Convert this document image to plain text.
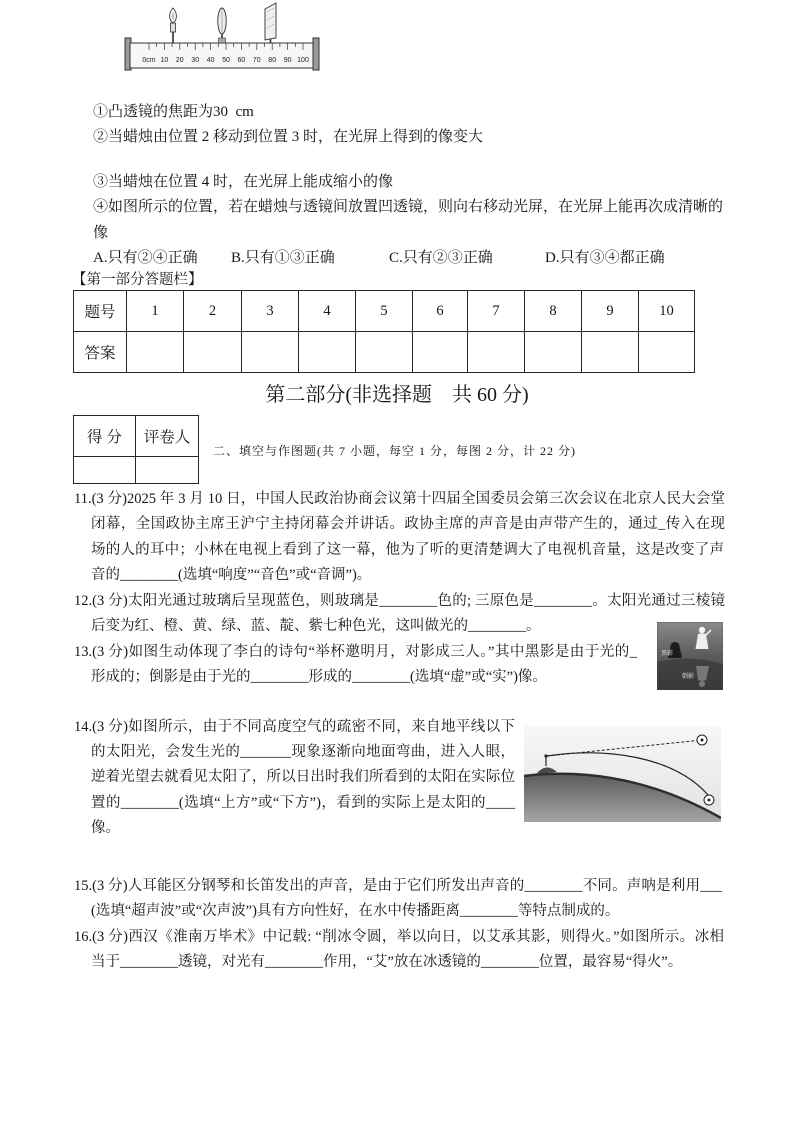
0cm 10 20 30 40 50 60 70 80 90 100
①凸透镜的焦距为30  cm
②当蜡烛由位置 2 移动到位置 3 时，在光屏上得到的像变大
③当蜡烛在位置 4 时，在光屏上能成缩小的像
④如图所示的位置，若在蜡烛与透镜间放置凹透镜，则向右移动光屏，在光屏上能再次成清晰的
像
A.只有②④正确 B.只有①③正确	C.只有②③正确	D.只有③④都正确
【第一部分答题栏】
题号	1	2	3	4	5	6	7	8	9	10
答案										
第二部分(非选择题    共 60 分)
得 分	评卷人

二、填空与作图题(共 7 小题，每空 1 分，每图 2 分，计 22 分)
11.(3 分)2025 年 3 月 10 日，中国人民政治协商会议第十四届全国委员会第三次会议在北京人民大会堂
闭幕，全国政协主席王沪宁主持闭幕会并讲话。政协主席的声音是由声带产生的，通过_传入在现
场的人的耳中；小林在电视上看到了这一幕，他为了听的更清楚调大了电视机音量，这是改变了声
音的________(选填“响度”“音色”或“音调”)。
12.(3 分)太阳光通过玻璃后呈现蓝色，则玻璃是________色的; 三原色是________。太阳光通过三棱镜
后变为红、橙、黄、绿、蓝、靛、紫七种色光，这叫做光的________。
13.(3 分)如图生动体现了李白的诗句“举杯邀明月，对影成三人。”其中黑影是由于光的_
形成的；倒影是由于光的________形成的________(选填“虚”或“实”)像。
黑影
倒影
14.(3 分)如图所示，由于不同高度空气的疏密不同，来自地平线以下
的太阳光，会发生光的_______现象逐渐向地面弯曲，进入人眼，
逆着光望去就看见太阳了，所以日出时我们所看到的太阳在实际位
置的________(选填“上方”或“下方”)，看到的实际上是太阳的____
像。
15.(3 分)人耳能区分钢琴和长笛发出的声音，是由于它们所发出声音的________不同。声呐是利用___
(选填“超声波”或“次声波”)具有方向性好，在水中传播距离________等特点制成的。
16.(3 分)西汉《淮南万毕术》中记载: “削冰令圆，举以向日，以艾承其影，则得火。”如图所示。冰相
当于________透镜，对光有________作用，“艾”放在冰透镜的________位置，最容易“得火”。
